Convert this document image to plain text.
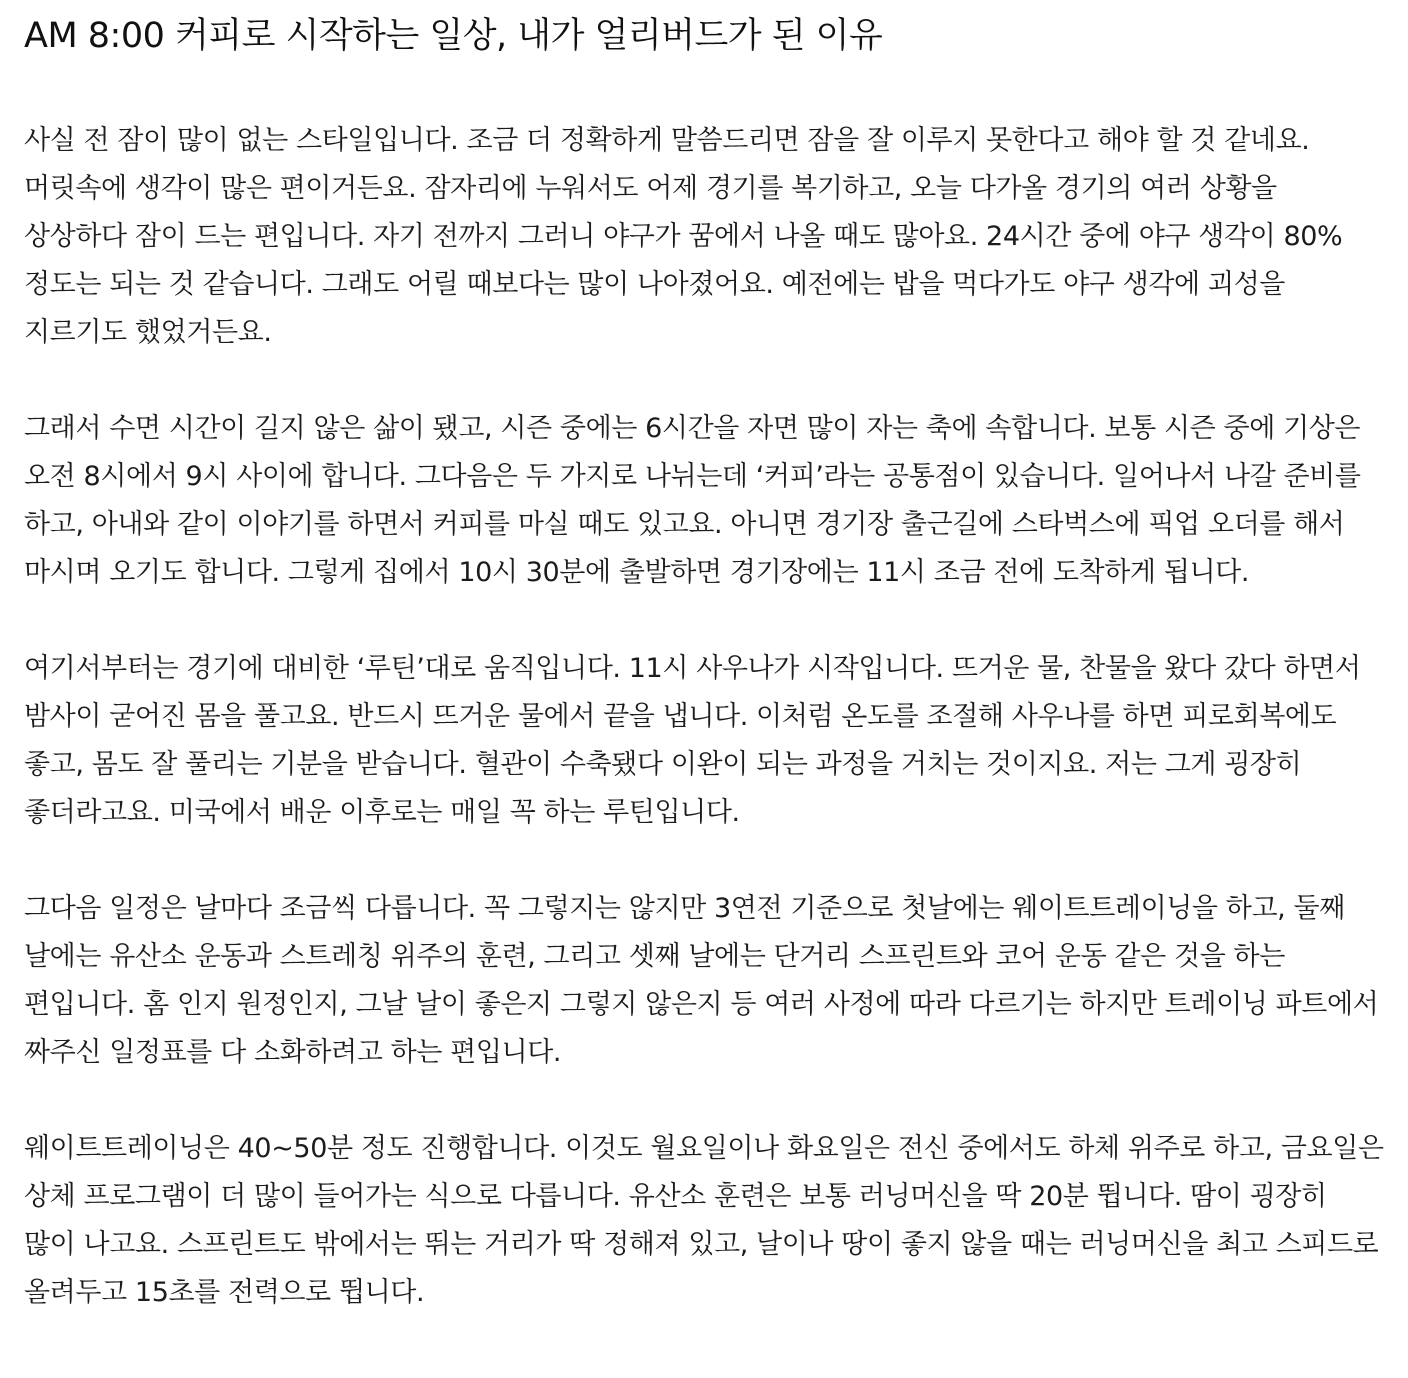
AM 8:00 커피로 시작하는 일상, 내가 얼리버드가 된 이유

사실 전 잠이 많이 없는 스타일입니다. 조금 더 정확하게 말씀드리면 잠을 잘 이루지 못한다고 해야 할 것 같네요. 머릿속에 생각이 많은 편이거든요. 잠자리에 누워서도 어제 경기를 복기하고, 오늘 다가올 경기의 여러 상황을 상상하다 잠이 드는 편입니다. 자기 전까지 그러니 야구가 꿈에서 나올 때도 많아요. 24시간 중에 야구 생각이 80% 정도는 되는 것 같습니다. 그래도 어릴 때보다는 많이 나아졌어요. 예전에는 밥을 먹다가도 야구 생각에 괴성을 지르기도 했었거든요.

그래서 수면 시간이 길지 않은 삶이 됐고, 시즌 중에는 6시간을 자면 많이 자는 축에 속합니다. 보통 시즌 중에 기상은 오전 8시에서 9시 사이에 합니다. 그다음은 두 가지로 나뉘는데 ‘커피’라는 공통점이 있습니다. 일어나서 나갈 준비를 하고, 아내와 같이 이야기를 하면서 커피를 마실 때도 있고요. 아니면 경기장 출근길에 스타벅스에 픽업 오더를 해서 마시며 오기도 합니다. 그렇게 집에서 10시 30분에 출발하면 경기장에는 11시 조금 전에 도착하게 됩니다.

여기서부터는 경기에 대비한 ‘루틴’대로 움직입니다. 11시 사우나가 시작입니다. 뜨거운 물, 찬물을 왔다 갔다 하면서 밤사이 굳어진 몸을 풀고요. 반드시 뜨거운 물에서 끝을 냅니다. 이처럼 온도를 조절해 사우나를 하면 피로회복에도 좋고, 몸도 잘 풀리는 기분을 받습니다. 혈관이 수축됐다 이완이 되는 과정을 거치는 것이지요. 저는 그게 굉장히 좋더라고요. 미국에서 배운 이후로는 매일 꼭 하는 루틴입니다.

그다음 일정은 날마다 조금씩 다릅니다. 꼭 그렇지는 않지만 3연전 기준으로 첫날에는 웨이트트레이닝을 하고, 둘째 날에는 유산소 운동과 스트레칭 위주의 훈련, 그리고 셋째 날에는 단거리 스프린트와 코어 운동 같은 것을 하는 편입니다. 홈 인지 원정인지, 그날 날이 좋은지 그렇지 않은지 등 여러 사정에 따라 다르기는 하지만 트레이닝 파트에서 짜주신 일정표를 다 소화하려고 하는 편입니다.

웨이트트레이닝은 40~50분 정도 진행합니다. 이것도 월요일이나 화요일은 전신 중에서도 하체 위주로 하고, 금요일은 상체 프로그램이 더 많이 들어가는 식으로 다릅니다. 유산소 훈련은 보통 러닝머신을 딱 20분 뜁니다. 땀이 굉장히 많이 나고요. 스프린트도 밖에서는 뛰는 거리가 딱 정해져 있고, 날이나 땅이 좋지 않을 때는 러닝머신을 최고 스피드로 올려두고 15초를 전력으로 뜁니다.
